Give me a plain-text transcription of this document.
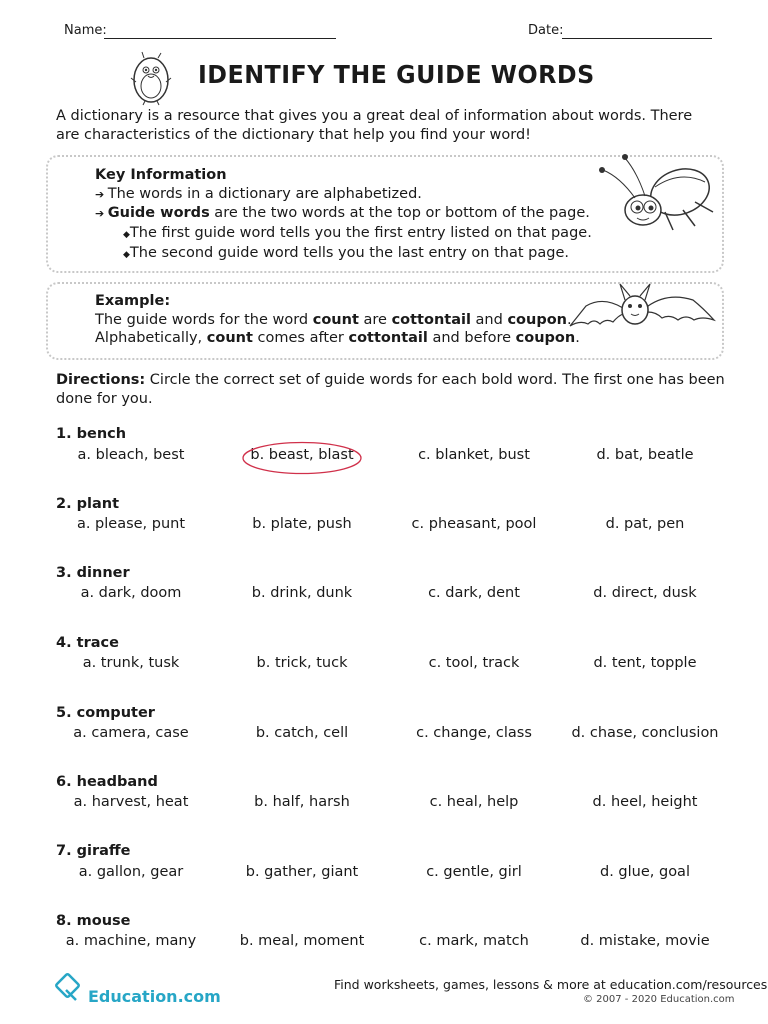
Name:	Date:
IDENTIFY THE GUIDE WORDS
A dictionary is a resource that gives you a great deal of information about words. There are characteristics of the dictionary that help you find your word!

Key Information

➔ The words in a dictionary are alphabetized.
➔ Guide words are the two words at the top or bottom of the page.
◆The first guide word tells you the first entry listed on that page.
◆The second guide word tells you the last entry on that page.

Example:

The guide words for the word count are cottontail and coupon.
Alphabetically, count comes after cottontail and before coupon.
Directions: Circle the correct set of guide words for each bold word. The first one has been done for you.
1. bench
a. bleach, best	b. beast, blast	c. blanket, bust	d. bat, beatle
2. plant
a. please, punt	b. plate, push	c. pheasant, pool	d. pat, pen
3. dinner
a. dark, doom	b. drink, dunk	c. dark, dent	d. direct, dusk
4. trace
a. trunk, tusk	b. trick, tuck	c. tool, track	d. tent, topple
5. computer
a. camera, case	b. catch, cell	c. change, class	d. chase, conclusion
6. headband
a. harvest, heat	b. half, harsh	c. heal, help	d. heel, height
7. giraffe
a. gallon, gear	b. gather, giant	c. gentle, girl	d. glue, goal
8. mouse
a. machine, many	b. meal, moment	c. mark, match	d. mistake, movie
Education.com
Find worksheets, games, lessons & more at education.com/resources
© 2007 - 2020 Education.com
